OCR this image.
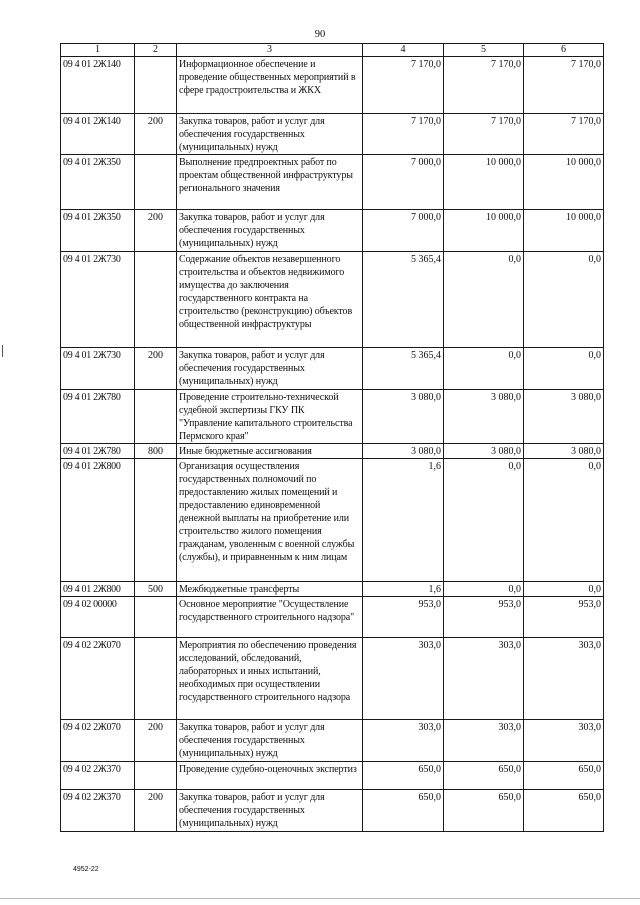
90
1	2	3	4	5	6
09 4 01 2Ж140		Информационное обеспечение и проведение общественных мероприятий в сфере градостроительства и ЖКХ	7 170,0	7 170,0	7 170,0
09 4 01 2Ж140	200	Закупка товаров, работ и услуг для обеспечения государственных (муниципальных) нужд	7 170,0	7 170,0	7 170,0
09 4 01 2Ж350		Выполнение предпроектных работ по проектам общественной инфраструктуры регионального значения	7 000,0	10 000,0	10 000,0
09 4 01 2Ж350	200	Закупка товаров, работ и услуг для обеспечения государственных (муниципальных) нужд	7 000,0	10 000,0	10 000,0
09 4 01 2Ж730		Содержание объектов незавершенного строительства и объектов недвижимого имущества до заключения государственного контракта на строительство (реконструкцию) объектов общественной инфраструктуры	5 365,4	0,0	0,0
09 4 01 2Ж730	200	Закупка товаров, работ и услуг для обеспечения государственных (муниципальных) нужд	5 365,4	0,0	0,0
09 4 01 2Ж780		Проведение строительно-технической судебной экспертизы ГКУ ПК "Управление капитального строительства Пермского края"	3 080,0	3 080,0	3 080,0
09 4 01 2Ж780	800	Иные бюджетные ассигнования	3 080,0	3 080,0	3 080,0
09 4 01 2Ж800		Организация осуществления государственных полномочий по предоставлению жилых помещений и предоставлению единовременной денежной выплаты на приобретение или строительство жилого помещения гражданам, уволенным с военной службы (службы), и приравненным к ним лицам	1,6	0,0	0,0
09 4 01 2Ж800	500	Межбюджетные трансферты	1,6	0,0	0,0
09 4 02 00000		Основное мероприятие "Осуществление государственного строительного надзора"	953,0	953,0	953,0
09 4 02 2Ж070		Мероприятия по обеспечению проведения исследований, обследований, лабораторных и иных испытаний, необходимых при осуществлении государственного строительного надзора	303,0	303,0	303,0
09 4 02 2Ж070	200	Закупка товаров, работ и услуг для обеспечения государственных (муниципальных) нужд	303,0	303,0	303,0
09 4 02 2Ж370		Проведение судебно-оценочных экспертиз	650,0	650,0	650,0
09 4 02 2Ж370	200	Закупка товаров, работ и услуг для обеспечения государственных (муниципальных) нужд	650,0	650,0	650,0
4952-22
